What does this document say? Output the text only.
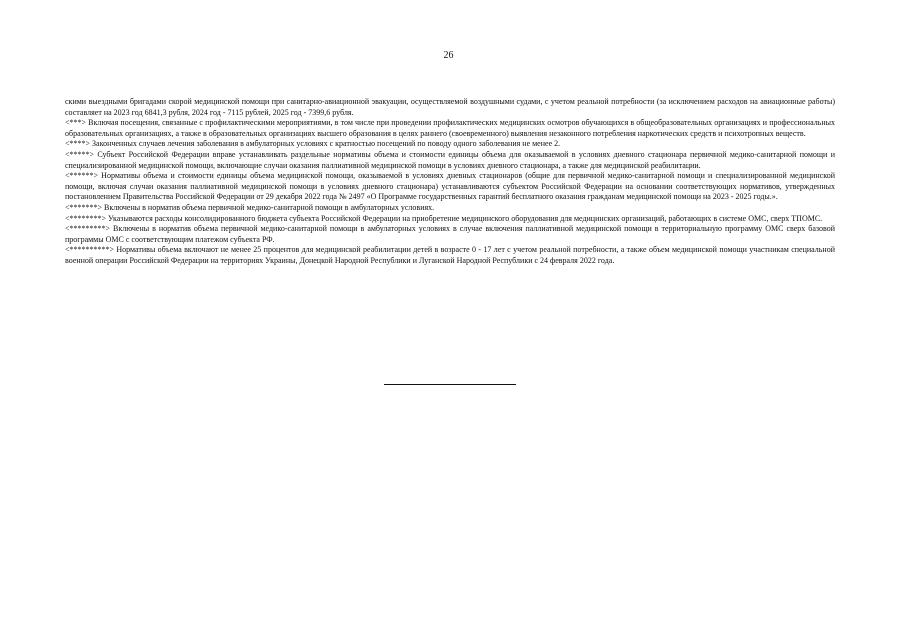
26

скими выездными бригадами скорой медицинской помощи при санитарно-авиационной эвакуации, осуществляемой воздушными судами, с учетом реальной потребности (за исключением расходов на авиационные работы) составляет на 2023 год 6841,3 рубля, 2024 год - 7115 рублей, 2025 год - 7399,6 рубля.

<***> Включая посещения, связанные с профилактическими мероприятиями, в том числе при проведении профилактических медицинских осмотров обучающихся в общеобразовательных организациях и профессиональных образовательных организациях, а также в образовательных организациях высшего образования в целях раннего (своевременного) выявления незаконного потребления наркотических средств и психотропных веществ.

<****> Законченных случаев лечения заболевания в амбулаторных условиях с кратностью посещений по поводу одного заболевания не менее 2.

<*****> Субъект Российской Федерации вправе устанавливать раздельные нормативы объема и стоимости единицы объема для оказываемой в условиях дневного стационара первичной медико-санитарной помощи и специализированной медицинской помощи, включающие случаи оказания паллиативной медицинской помощи в условиях дневного стационара, а также для медицинской реабилитации.

<******> Нормативы объема и стоимости единицы объема медицинской помощи, оказываемой в условиях дневных стационаров (общие для первичной медико-санитарной помощи и специализированной медицинской помощи, включая случаи оказания паллиативной медицинской помощи в условиях дневного стационара) устанавливаются субъектом Российской Федерации на основании соответствующих нормативов, утвержденных постановлением Правительства Российской Федерации от 29 декабря 2022 года № 2497 «О Программе государственных гарантий бесплатного оказания гражданам медицинской помощи на 2023 - 2025 годы.».

<*******> Включены в норматив объема первичной медико-санитарной помощи в амбулаторных условиях.

<********> Указываются расходы консолидированного бюджета субъекта Российской Федерации на приобретение медицинского оборудования для медицинских организаций, работающих в системе ОМС, сверх ТПОМС.

<*********> Включены в норматив объема первичной медико-санитарной помощи в амбулаторных условиях в случае включения паллиативной медицинской помощи в территориальную программу ОМС сверх базовой программы ОМС с соответствующим платежом субъекта РФ.

<**********> Нормативы объема включают не менее 25 процентов для медицинской реабилитации детей в возрасте 0 - 17 лет с учетом реальной потребности, а также объем медицинской помощи участникам специальной военной операции Российской Федерации на территориях Украины, Донецкой Народной Республики и Луганской Народной Республики с 24 февраля 2022 года.
